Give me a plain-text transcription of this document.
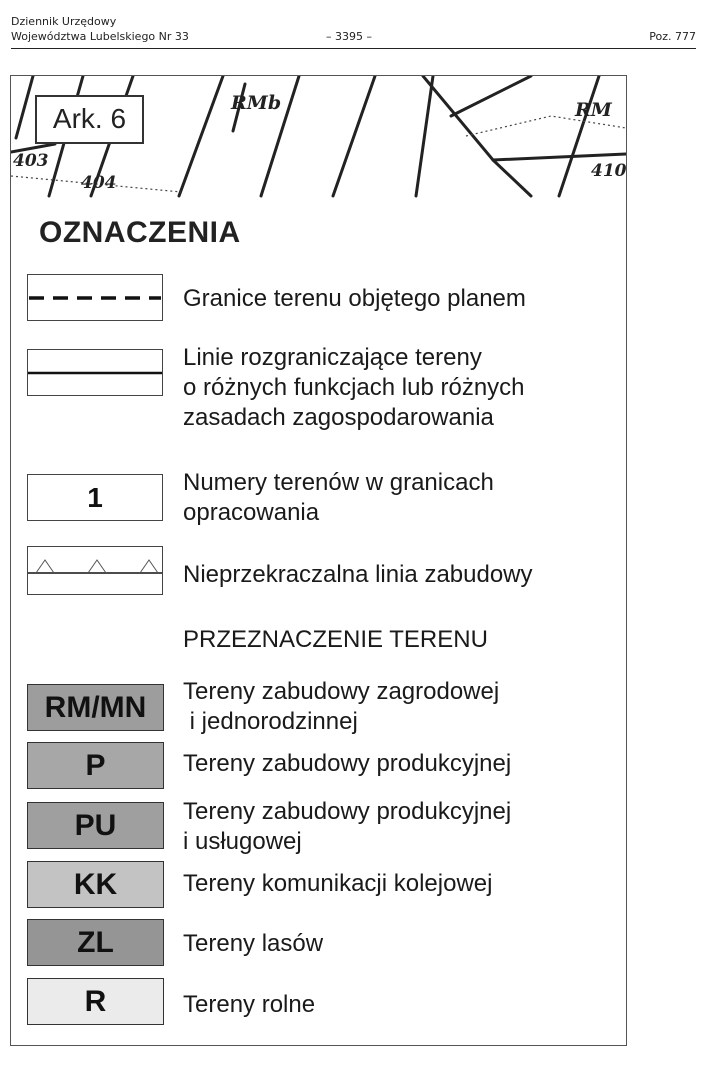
Dziennik Urzędowy
Województwa Lubelskiego Nr 33	– 3395 –	Poz. 777
RMb	RM
403
404
410
Ark. 6
OZNACZENIA
Granice terenu objętego planem
Linie rozgraniczające tereny
o różnych funkcjach lub różnych
zasadach zagospodarowania
1	Numery terenów w granicach
opracowania
Nieprzekraczalna linia zabudowy
PRZEZNACZENIE TERENU
RM/MN	Tereny zabudowy zagrodowej
i jednorodzinnej
P	Tereny zabudowy produkcyjnej
PU	Tereny zabudowy produkcyjnej
i usługowej
KK	Tereny komunikacji kolejowej
ZL	Tereny lasów
R	Tereny rolne
